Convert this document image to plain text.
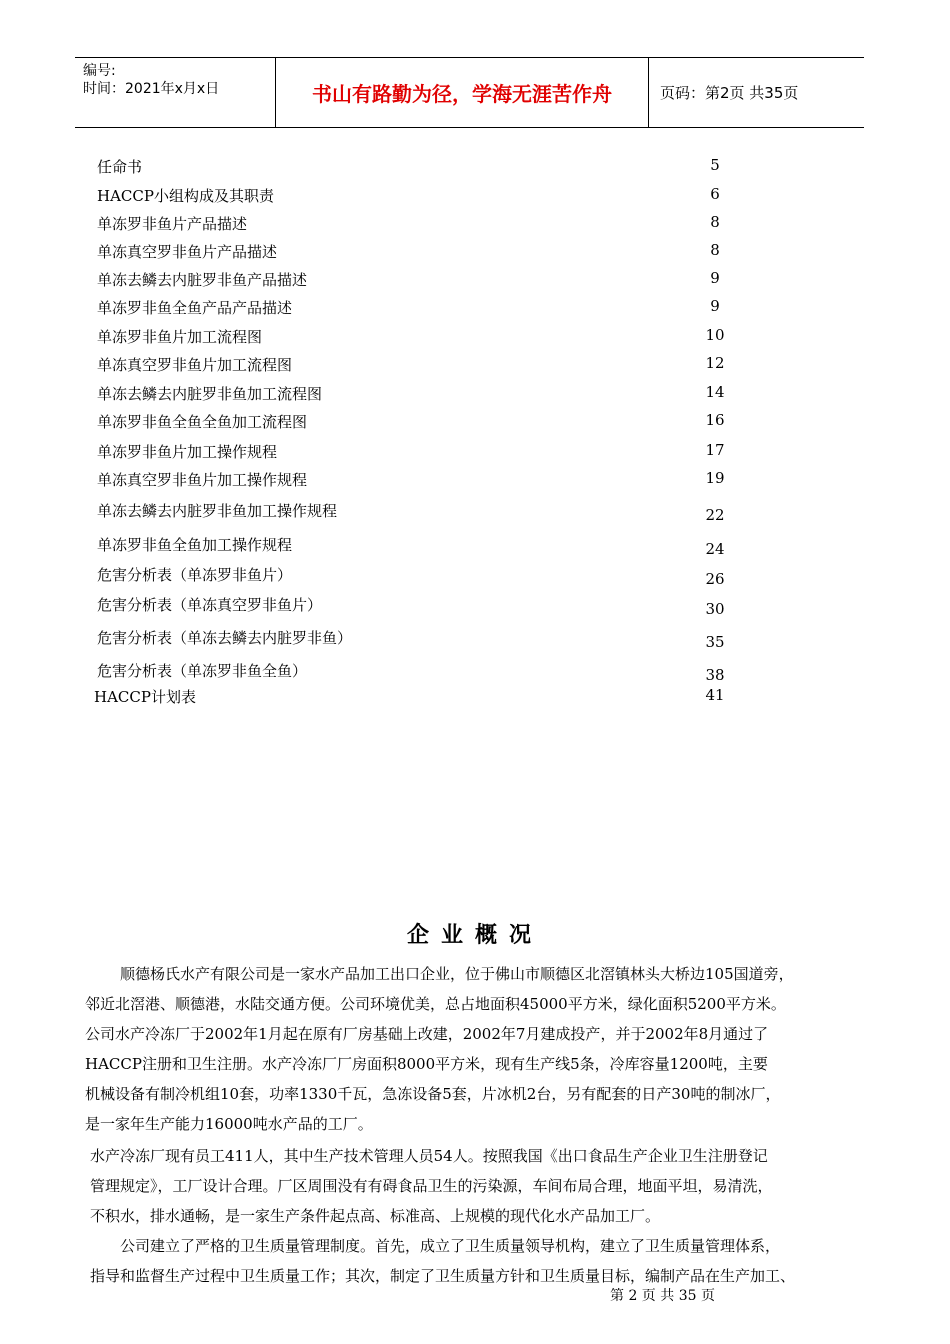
编号:
时间：2021年x月x日	书山有路勤为径，学海无涯苦作舟	页码：第2页 共35页
任命书	5
HACCP小组构成及其职责	6
单冻罗非鱼片产品描述	8
单冻真空罗非鱼片产品描述	8
单冻去鳞去内脏罗非鱼产品描述	9
单冻罗非鱼全鱼产品产品描述	9
单冻罗非鱼片加工流程图	10
单冻真空罗非鱼片加工流程图	12
单冻去鳞去内脏罗非鱼加工流程图	14
单冻罗非鱼全鱼全鱼加工流程图	16
单冻罗非鱼片加工操作规程	17
单冻真空罗非鱼片加工操作规程	19
单冻去鳞去内脏罗非鱼加工操作规程	22
单冻罗非鱼全鱼加工操作规程	24
危害分析表（单冻罗非鱼片）	26
危害分析表（单冻真空罗非鱼片）	30
危害分析表（单冻去鳞去内脏罗非鱼）	35
危害分析表（单冻罗非鱼全鱼）	38
HACCP计划表	41
企业概况
顺德杨氏水产有限公司是一家水产品加工出口企业，位于佛山市顺德区北滘镇林头大桥边105国道旁，
邻近北滘港、顺德港，水陆交通方便。公司环境优美，总占地面积45000平方米，绿化面积5200平方米。
公司水产冷冻厂于2002年1月起在原有厂房基础上改建，2002年7月建成投产，并于2002年8月通过了
HACCP注册和卫生注册。水产冷冻厂厂房面积8000平方米，现有生产线5条，冷库容量1200吨，主要
机械设备有制冷机组10套，功率1330千瓦，急冻设备5套，片冰机2台，另有配套的日产30吨的制冰厂，
是一家年生产能力16000吨水产品的工厂。
水产冷冻厂现有员工411人，其中生产技术管理人员54人。按照我国《出口食品生产企业卫生注册登记
管理规定》，工厂设计合理。厂区周围没有有碍食品卫生的污染源，车间布局合理，地面平坦，易清洗，
不积水，排水通畅，是一家生产条件起点高、标准高、上规模的现代化水产品加工厂。
公司建立了严格的卫生质量管理制度。首先，成立了卫生质量领导机构，建立了卫生质量管理体系，
指导和监督生产过程中卫生质量工作；其次，制定了卫生质量方针和卫生质量目标，编制产品在生产加工、
第 2 页 共 35 页
